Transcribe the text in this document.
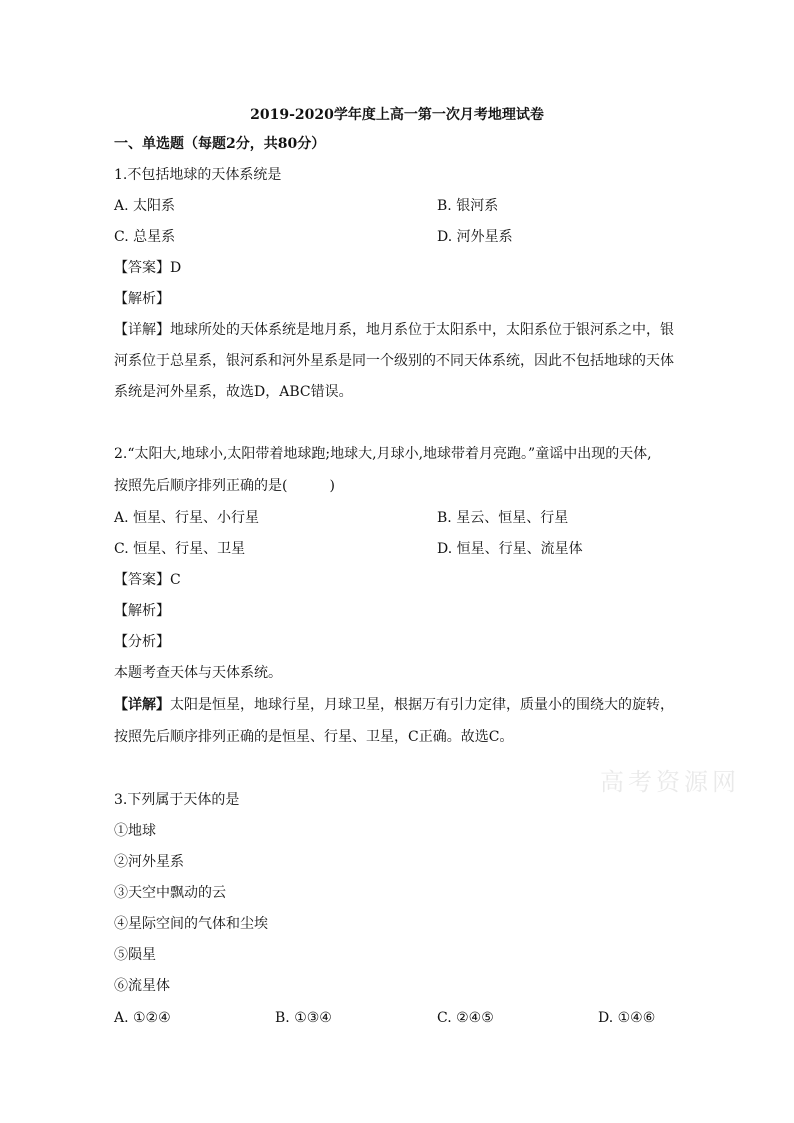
2019-2020学年度上高一第一次月考地理试卷
一、单选题（每题2分，共80分）
1.不包括地球的天体系统是
A. 太阳系	B. 银河系
C. 总星系	D. 河外星系
【答案】D
【解析】
【详解】地球所处的天体系统是地月系，地月系位于太阳系中，太阳系位于银河系之中，银
河系位于总星系，银河系和河外星系是同一个级别的不同天体系统，因此不包括地球的天体
系统是河外星系，故选D，ABC错误。
2.“太阳大,地球小,太阳带着地球跑;地球大,月球小,地球带着月亮跑。”童谣中出现的天体,
按照先后顺序排列正确的是(　　　)
A. 恒星、行星、小行星	B. 星云、恒星、行星
C. 恒星、行星、卫星	D. 恒星、行星、流星体
【答案】C
【解析】
【分析】
本题考查天体与天体系统。
【详解】太阳是恒星，地球行星，月球卫星，根据万有引力定律，质量小的围绕大的旋转，
按照先后顺序排列正确的是恒星、行星、卫星，C正确。故选C。
高考资源网
3.下列属于天体的是
①地球
②河外星系
③天空中飘动的云
④星际空间的气体和尘埃
⑤陨星
⑥流星体
A. ①②④	B. ①③④	C. ②④⑤	D. ①④⑥
